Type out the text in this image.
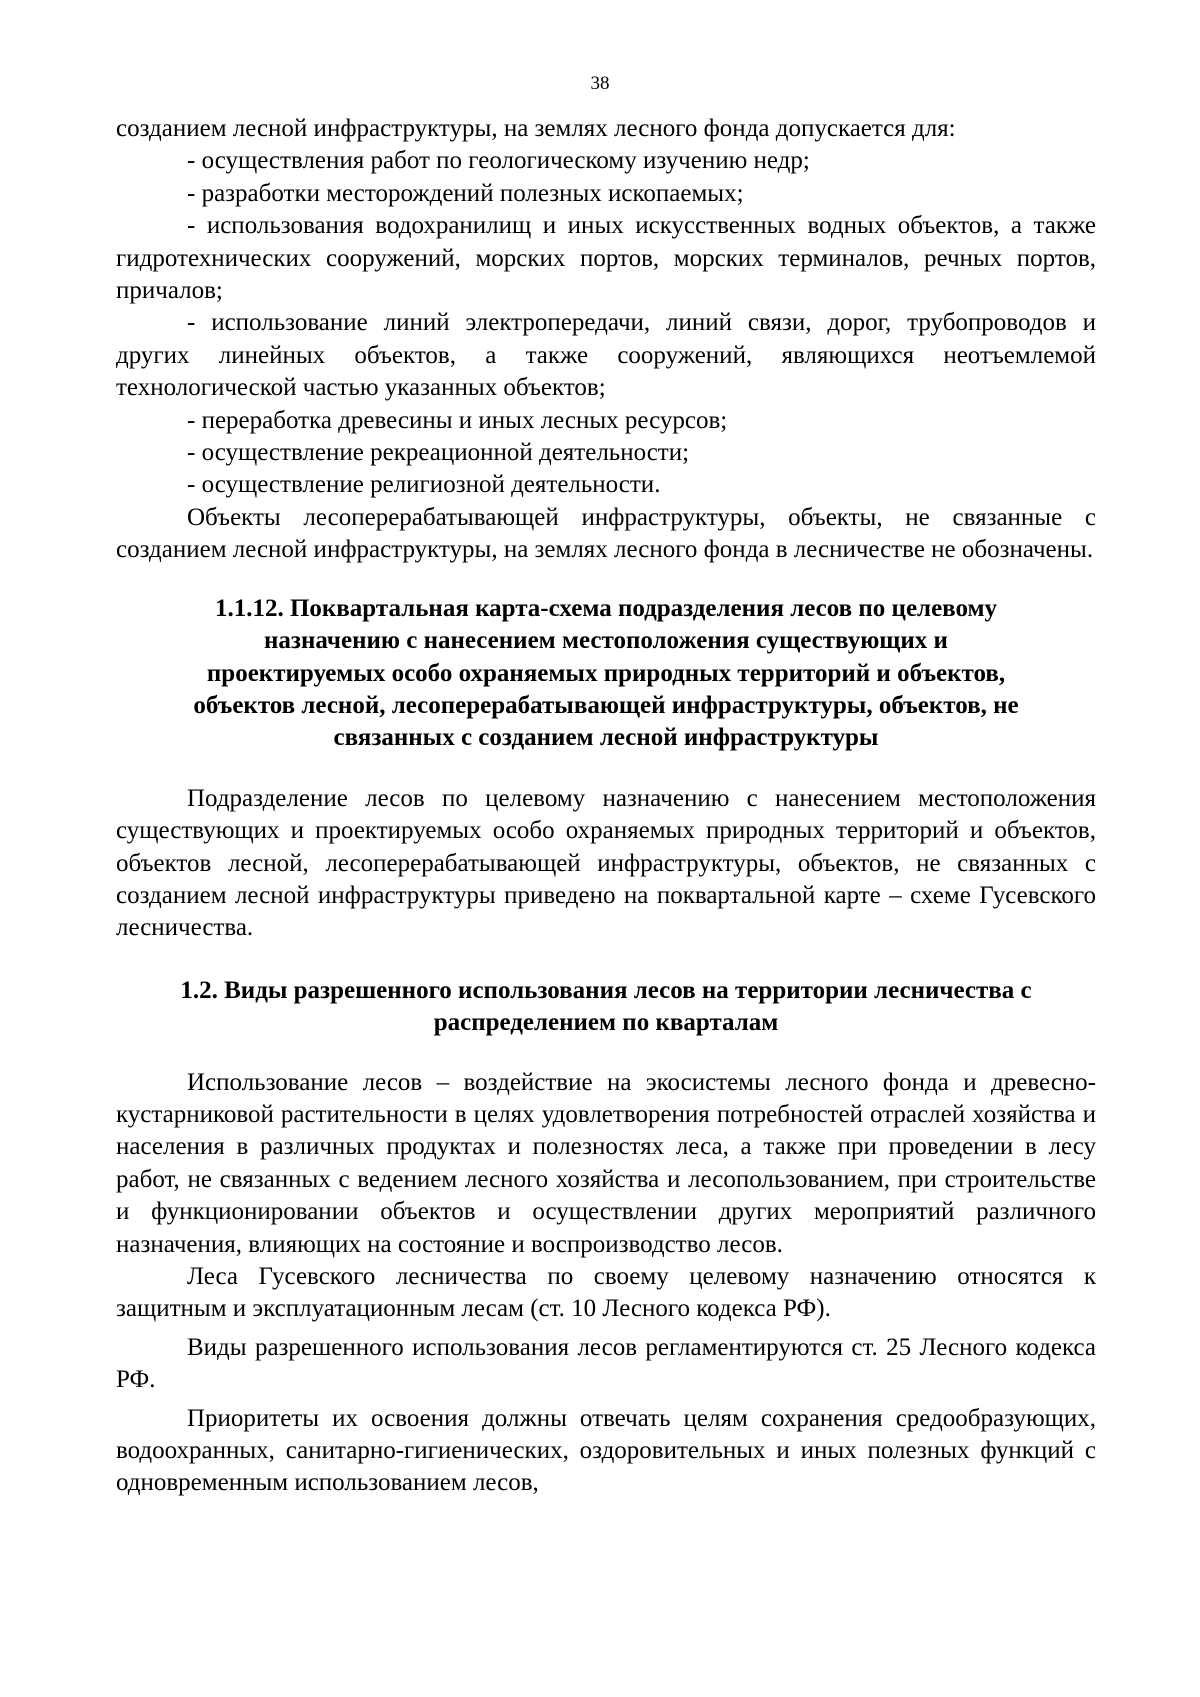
38

созданием лесной инфраструктуры, на землях лесного фонда допускается для:

- осуществления работ по геологическому изучению недр;

- разработки месторождений полезных ископаемых;

- использования водохранилищ и иных искусственных водных объектов, а также гидротехнических сооружений, морских портов, морских терминалов, речных портов, причалов;

- использование линий электропередачи, линий связи, дорог, трубопроводов и других линейных объектов, а также сооружений, являющихся неотъемлемой технологической частью указанных объектов;

- переработка древесины и иных лесных ресурсов;

- осуществление рекреационной деятельности;

- осуществление религиозной деятельности.

Объекты лесоперерабатывающей инфраструктуры, объекты, не связанные с созданием лесной инфраструктуры, на землях лесного фонда в лесничестве не обозначены.

1.1.12. Поквартальная карта-схема подразделения лесов по целевому
назначению с нанесением местоположения существующих и
проектируемых особо охраняемых природных территорий и объектов,
объектов лесной, лесоперерабатывающей инфраструктуры, объектов, не
связанных с созданием лесной инфраструктуры

Подразделение лесов по целевому назначению с нанесением местоположения существующих и проектируемых особо охраняемых природных территорий и объектов, объектов лесной, лесоперерабатывающей инфраструктуры, объектов, не связанных с созданием лесной инфраструктуры приведено на поквартальной карте – схеме Гусевского лесничества.

1.2. Виды разрешенного использования лесов на территории лесничества с
распределением по кварталам

Использование лесов – воздействие на экосистемы лесного фонда и древесно-кустарниковой растительности в целях удовлетворения потребностей отраслей хозяйства и населения в различных продуктах и полезностях леса, а также при проведении в лесу работ, не связанных с ведением лесного хозяйства и лесопользованием, при строительстве и функционировании объектов и осуществлении других мероприятий различного назначения, влияющих на состояние и воспроизводство лесов.

Леса Гусевского лесничества по своему целевому назначению относятся к защитным и эксплуатационным лесам (ст. 10 Лесного кодекса РФ).

Виды разрешенного использования лесов регламентируются ст. 25 Лесного кодекса РФ.

Приоритеты их освоения должны отвечать целям сохранения средообразующих, водоохранных, санитарно-гигиенических, оздоровительных и иных полезных функций с одновременным использованием лесов,
